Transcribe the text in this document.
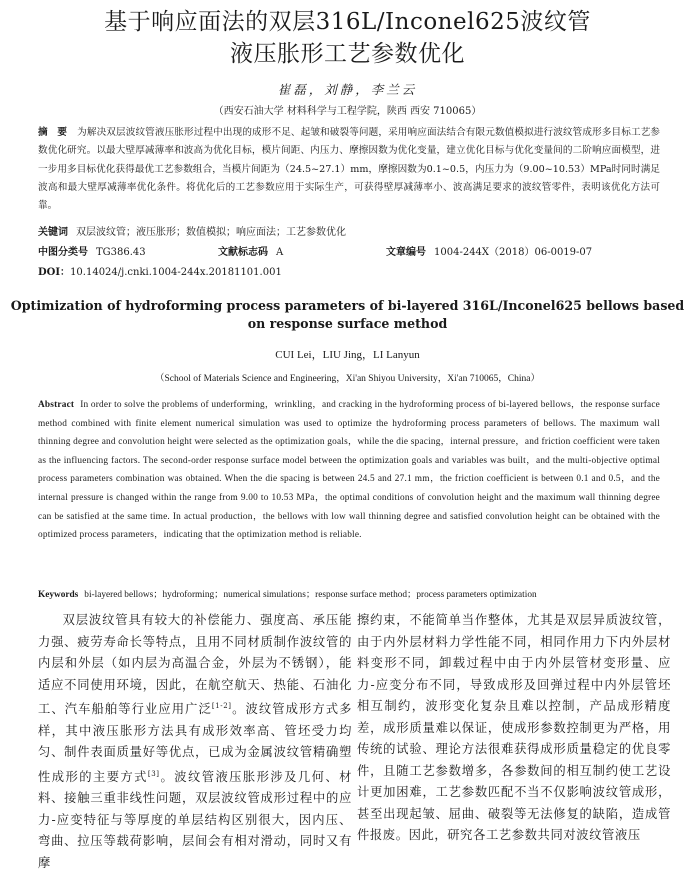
基于响应面法的双层316L/Inconel625波纹管
液压胀形工艺参数优化
崔磊，刘静，李兰云
（西安石油大学 材料科学与工程学院，陕西 西安 710065）
摘　要 为解决双层波纹管液压胀形过程中出现的成形不足、起皱和破裂等问题，采用响应面法结合有限元数值模拟进行波纹管成形多目标工艺参数优化研究。以最大壁厚减薄率和波高为优化目标，模片间距、内压力、摩擦因数为优化变量，建立优化目标与优化变量间的二阶响应面模型，进一步用多目标优化获得最优工艺参数组合，当模片间距为（24.5~27.1）mm，摩擦因数为0.1~0.5，内压力为（9.00~10.53）MPa时同时满足波高和最大壁厚减薄率优化条件。将优化后的工艺参数应用于实际生产，可获得壁厚减薄率小、波高满足要求的波纹管零件，表明该优化方法可靠。
关键词 双层波纹管；液压胀形；数值模拟；响应面法；工艺参数优化
中图分类号 TG386.43	文献标志码 A	文章编号 1004-244X（2018）06-0019-07
DOI：10.14024/j.cnki.1004-244x.20181101.001
Optimization of hydroforming process parameters of bi-layered 316L/Inconel625 bellows based
on response surface method
CUI Lei，LIU Jing，LI Lanyun
（School of Materials Science and Engineering，Xi'an Shiyou University，Xi'an 710065，China）
Abstract In order to solve the problems of underforming，wrinkling，and cracking in the hydroforming process of bi-layered bellows，the response surface method combined with finite element numerical simulation was used to optimize the hydroforming process parameters of bellows. The maximum wall thinning degree and convolution height were selected as the optimization goals，while the die spacing，internal pressure，and friction coefficient were taken as the influencing factors. The second-order response surface model between the optimization goals and variables was built，and the multi-objective optimal process parameters combination was obtained. When the die spacing is between 24.5 and 27.1 mm，the friction coefficient is between 0.1 and 0.5，and the internal pressure is changed within the range from 9.00 to 10.53 MPa，the optimal conditions of convolution height and the maximum wall thinning degree can be satisfied at the same time. In actual production，the bellows with low wall thinning degree and satisfied convolution height can be obtained with the optimized process parameters，indicating that the optimization method is reliable.
Keywords bi-layered bellows；hydroforming；numerical simulations；response surface method；process parameters optimization
双层波纹管具有较大的补偿能力、强度高、承压能力强、疲劳寿命长等特点，且用不同材质制作波纹管的内层和外层（如内层为高温合金，外层为不锈钢），能适应不同使用环境，因此，在航空航天、热能、石油化工、汽车船舶等行业应用广泛[1-2]。波纹管成形方式多样，其中液压胀形方法具有成形效率高、管坯受力均匀、制件表面质量好等优点，已成为金属波纹管精确塑性成形的主要方式[3]。波纹管液压胀形涉及几何、材料、接触三重非线性问题，双层波纹管成形过程中的应力-应变特征与等厚度的单层结构区别很大，因内压、弯曲、拉压等载荷影响，层间会有相对滑动，同时又有摩
擦约束，不能简单当作整体，尤其是双层异质波纹管，由于内外层材料力学性能不同，相同作用力下内外层材料变形不同，卸载过程中由于内外层管材变形量、应力-应变分布不同，导致成形及回弹过程中内外层管坯相互制约，波形变化复杂且难以控制，产品成形精度差，成形质量难以保证，使成形参数控制更为严格，用传统的试验、理论方法很难获得成形质量稳定的优良零件，且随工艺参数增多，各参数间的相互制约使工艺设计更加困难，工艺参数匹配不当不仅影响波纹管成形，甚至出现起皱、屈曲、破裂等无法修复的缺陷，造成管件报废。因此，研究各工艺参数共同对波纹管液压
